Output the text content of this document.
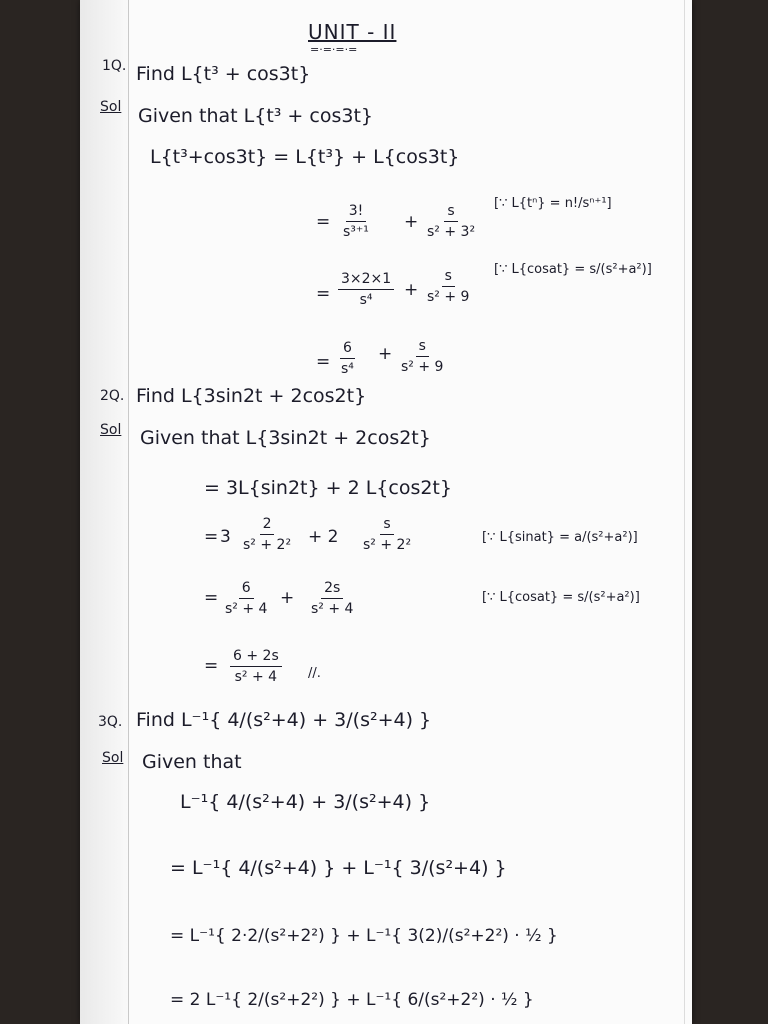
UNIT - II
=·=·=·=
1Q. Find L{t³ + cos3t}
Sol Given that L{t³ + cos3t}
L{t³+cos3t} = L{t³} + L{cos3t}
= $\frac{3!}{\text{s³⁺¹}} + \frac{s}{\text{s² + 3²}}$ [∵ L{tⁿ} = n!/sⁿ⁺¹]
= $\frac{3\times 2\times 1}{\text{s⁴}} + \frac{s}{\text{s² + 9}}$ [∵ L{cosat} = s/(s²+a²)]
= $\frac{6}{\text{s⁴}} + \frac{s}{\text{s² + 9}}$
2Q. Find L{3sin2t + 2cos2t}
Sol Given that L{3sin2t + 2cos2t}
= 3L{sin2t} + 2 L{cos2t}
= $3 \frac{2}{\text{s² + 2²}} + 2 \frac{s}{\text{s² + 2²}}$	[∵ L{sinat} = a/(s²+a²)]
= $\frac{6}{\text{s² + 4}} + \frac{2s}{\text{s² + 4}}$	[∵ L{cosat} = s/(s²+a²)]
= $\frac{6 + 2s}{\text{s² + 4}}$ //.
3Q. Find L⁻¹{ 4/(s²+4) + 3/(s²+4) }
Sol Given that
L⁻¹{ 4/(s²+4) + 3/(s²+4) }
= L⁻¹{ 4/(s²+4) } + L⁻¹{ 3/(s²+4) }
= L⁻¹{ 2·2/(s²+2²) } + L⁻¹{ 3(2)/(s²+2²) · ½ }
= 2 L⁻¹{ 2/(s²+2²) } + L⁻¹{ 6/(s²+2²) · ½ }
